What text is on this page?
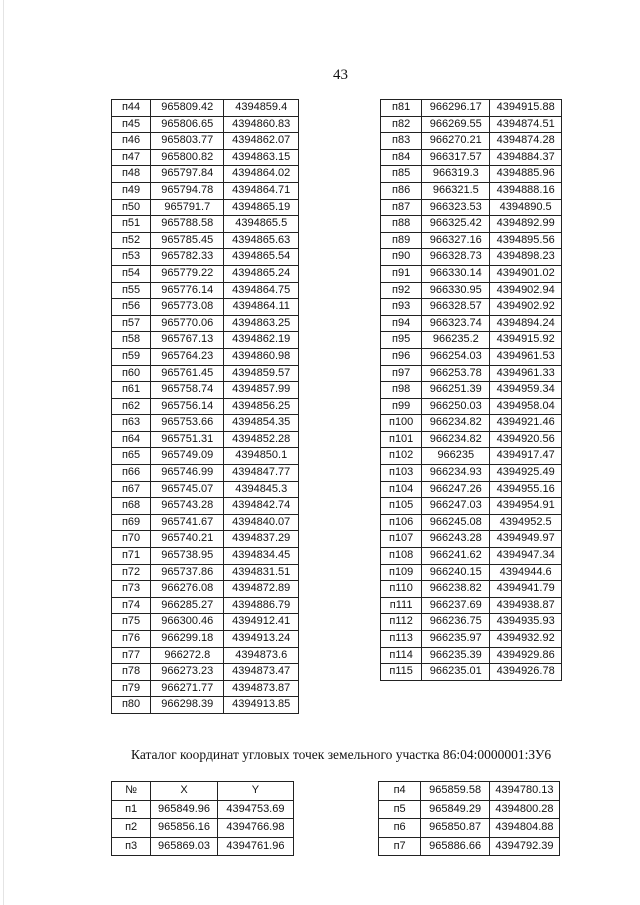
43
п44	965809.42	4394859.4
п45	965806.65	4394860.83
п46	965803.77	4394862.07
п47	965800.82	4394863.15
п48	965797.84	4394864.02
п49	965794.78	4394864.71
п50	965791.7	4394865.19
п51	965788.58	4394865.5
п52	965785.45	4394865.63
п53	965782.33	4394865.54
п54	965779.22	4394865.24
п55	965776.14	4394864.75
п56	965773.08	4394864.11
п57	965770.06	4394863.25
п58	965767.13	4394862.19
п59	965764.23	4394860.98
п60	965761.45	4394859.57
п61	965758.74	4394857.99
п62	965756.14	4394856.25
п63	965753.66	4394854.35
п64	965751.31	4394852.28
п65	965749.09	4394850.1
п66	965746.99	4394847.77
п67	965745.07	4394845.3
п68	965743.28	4394842.74
п69	965741.67	4394840.07
п70	965740.21	4394837.29
п71	965738.95	4394834.45
п72	965737.86	4394831.51
п73	966276.08	4394872.89
п74	966285.27	4394886.79
п75	966300.46	4394912.41
п76	966299.18	4394913.24
п77	966272.8	4394873.6
п78	966273.23	4394873.47
п79	966271.77	4394873.87
п80	966298.39	4394913.85
п81	966296.17	4394915.88
п82	966269.55	4394874.51
п83	966270.21	4394874.28
п84	966317.57	4394884.37
п85	966319.3	4394885.96
п86	966321.5	4394888.16
п87	966323.53	4394890.5
п88	966325.42	4394892.99
п89	966327.16	4394895.56
п90	966328.73	4394898.23
п91	966330.14	4394901.02
п92	966330.95	4394902.94
п93	966328.57	4394902.92
п94	966323.74	4394894.24
п95	966235.2	4394915.92
п96	966254.03	4394961.53
п97	966253.78	4394961.33
п98	966251.39	4394959.34
п99	966250.03	4394958.04
п100	966234.82	4394921.46
п101	966234.82	4394920.56
п102	966235	4394917.47
п103	966234.93	4394925.49
п104	966247.26	4394955.16
п105	966247.03	4394954.91
п106	966245.08	4394952.5
п107	966243.28	4394949.97
п108	966241.62	4394947.34
п109	966240.15	4394944.6
п110	966238.82	4394941.79
п111	966237.69	4394938.87
п112	966236.75	4394935.93
п113	966235.97	4394932.92
п114	966235.39	4394929.86
п115	966235.01	4394926.78
Каталог координат угловых точек земельного участка 86:04:0000001:ЗУ6
№	X	Y
п1	965849.96	4394753.69
п2	965856.16	4394766.98
п3	965869.03	4394761.96
п4	965859.58	4394780.13
п5	965849.29	4394800.28
п6	965850.87	4394804.88
п7	965886.66	4394792.39
